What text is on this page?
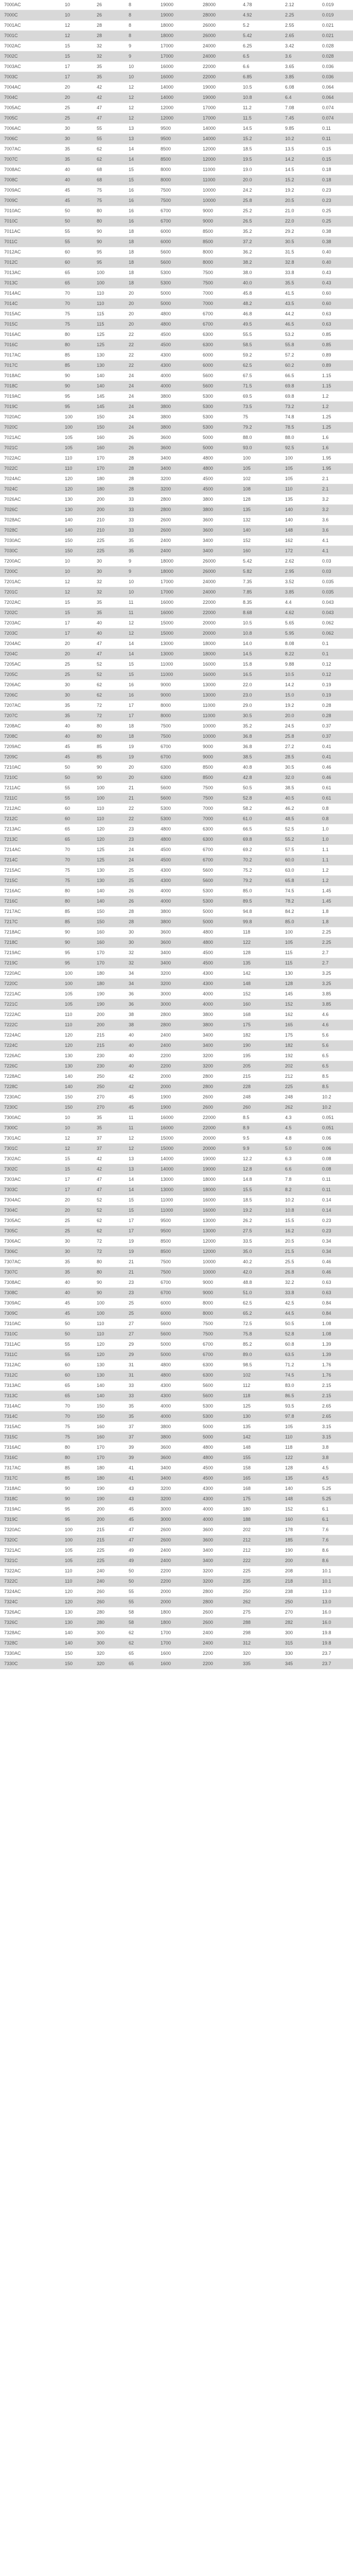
7000AC	10	26	8	19000	28000	4.78	2.12	0.019
7000C	10	26	8	19000	28000	4.92	2.25	0.019
7001AC	12	28	8	18000	26000	5.2	2.55	0.021
7001C	12	28	8	18000	26000	5.42	2.65	0.021
7002AC	15	32	9	17000	24000	6.25	3.42	0.028
7002C	15	32	9	17000	24000	6.5	3.6	0.028
7003AC	17	35	10	16000	22000	6.6	3.65	0.036
7003C	17	35	10	16000	22000	6.85	3.85	0.036
7004AC	20	42	12	14000	19000	10.5	6.08	0.064
7004C	20	42	12	14000	19000	10.8	6.4	0.064
7005AC	25	47	12	12000	17000	11.2	7.08	0.074
7005C	25	47	12	12000	17000	11.5	7.45	0.074
7006AC	30	55	13	9500	14000	14.5	9.85	0.11
7006C	30	55	13	9500	14000	15.2	10.2	0.11
7007AC	35	62	14	8500	12000	18.5	13.5	0.15
7007C	35	62	14	8500	12000	19.5	14.2	0.15
7008AC	40	68	15	8000	11000	19.0	14.5	0.18
7008C	40	68	15	8000	11000	20.0	15.2	0.18
7009AC	45	75	16	7500	10000	24.2	19.2	0.23
7009C	45	75	16	7500	10000	25.8	20.5	0.23
7010AC	50	80	16	6700	9000	25.2	21.0	0.25
7010C	50	80	16	6700	9000	26.5	22.0	0.25
7011AC	55	90	18	6000	8500	35.2	29.2	0.38
7011C	55	90	18	6000	8500	37.2	30.5	0.38
7012AC	60	95	18	5600	8000	36.2	31.5	0.40
7012C	60	95	18	5600	8000	38.2	32.8	0.40
7013AC	65	100	18	5300	7500	38.0	33.8	0.43
7013C	65	100	18	5300	7500	40.0	35.5	0.43
7014AC	70	110	20	5000	7000	45.8	41.5	0.60
7014C	70	110	20	5000	7000	48.2	43.5	0.60
7015AC	75	115	20	4800	6700	46.8	44.2	0.63
7015C	75	115	20	4800	6700	49.5	46.5	0.63
7016AC	80	125	22	4500	6300	55.5	53.2	0.85
7016C	80	125	22	4500	6300	58.5	55.8	0.85
7017AC	85	130	22	4300	6000	59.2	57.2	0.89
7017C	85	130	22	4300	6000	62.5	60.2	0.89
7018AC	90	140	24	4000	5600	67.5	66.5	1.15
7018C	90	140	24	4000	5600	71.5	69.8	1.15
7019AC	95	145	24	3800	5300	69.5	69.8	1.2
7019C	95	145	24	3800	5300	73.5	73.2	1.2
7020AC	100	150	24	3800	5300	75	74.8	1.25
7020C	100	150	24	3800	5300	79.2	78.5	1.25
7021AC	105	160	26	3600	5000	88.0	88.0	1.6
7021C	105	160	26	3600	5000	93.0	92.5	1.6
7022AC	110	170	28	3400	4800	100	100	1.95
7022C	110	170	28	3400	4800	105	105	1.95
7024AC	120	180	28	3200	4500	102	105	2.1
7024C	120	180	28	3200	4500	108	110	2.1
7026AC	130	200	33	2800	3800	128	135	3.2
7026C	130	200	33	2800	3800	135	140	3.2
7028AC	140	210	33	2600	3600	132	140	3.6
7028C	140	210	33	2600	3600	140	148	3.6
7030AC	150	225	35	2400	3400	152	162	4.1
7030C	150	225	35	2400	3400	160	172	4.1
7200AC	10	30	9	18000	26000	5.42	2.62	0.03
7200C	10	30	9	18000	26000	5.82	2.95	0.03
7201AC	12	32	10	17000	24000	7.35	3.52	0.035
7201C	12	32	10	17000	24000	7.85	3.85	0.035
7202AC	15	35	11	16000	22000	8.35	4.4	0.043
7202C	15	35	11	16000	22000	8.68	4.62	0.043
7203AC	17	40	12	15000	20000	10.5	5.65	0.062
7203C	17	40	12	15000	20000	10.8	5.95	0.062
7204AC	20	47	14	13000	18000	14.0	8.08	0.1
7204C	20	47	14	13000	18000	14.5	8.22	0.1
7205AC	25	52	15	11000	16000	15.8	9.88	0.12
7205C	25	52	15	11000	16000	16.5	10.5	0.12
7206AC	30	62	16	9000	13000	22.0	14.2	0.19
7206C	30	62	16	9000	13000	23.0	15.0	0.19
7207AC	35	72	17	8000	11000	29.0	19.2	0.28
7207C	35	72	17	8000	11000	30.5	20.0	0.28
7208AC	40	80	18	7500	10000	35.2	24.5	0.37
7208C	40	80	18	7500	10000	36.8	25.8	0.37
7209AC	45	85	19	6700	9000	36.8	27.2	0.41
7209C	45	85	19	6700	9000	38.5	28.5	0.41
7210AC	50	90	20	6300	8500	40.8	30.5	0.46
7210C	50	90	20	6300	8500	42.8	32.0	0.46
7211AC	55	100	21	5600	7500	50.5	38.5	0.61
7211C	55	100	21	5600	7500	52.8	40.5	0.61
7212AC	60	110	22	5300	7000	58.2	46.2	0.8
7212C	60	110	22	5300	7000	61.0	48.5	0.8
7213AC	65	120	23	4800	6300	66.5	52.5	1.0
7213C	65	120	23	4800	6300	69.8	55.2	1.0
7214AC	70	125	24	4500	6700	69.2	57.5	1.1
7214C	70	125	24	4500	6700	70.2	60.0	1.1
7215AC	75	130	25	4300	5600	75.2	63.0	1.2
7215C	75	130	25	4300	5600	79.2	65.8	1.2
7216AC	80	140	26	4000	5300	85.0	74.5	1.45
7216C	80	140	26	4000	5300	89.5	78.2	1.45
7217AC	85	150	28	3800	5000	94.8	84.2	1.8
7217C	85	150	28	3800	5000	99.8	85.0	1.8
7218AC	90	160	30	3600	4800	118	100	2.25
7218C	90	160	30	3600	4800	122	105	2.25
7219AC	95	170	32	3400	4500	128	115	2.7
7219C	95	170	32	3400	4500	135	115	2.7
7220AC	100	180	34	3200	4300	142	130	3.25
7220C	100	180	34	3200	4300	148	128	3.25
7221AC	105	190	36	3000	4000	152	145	3.85
7221C	105	190	36	3000	4000	160	152	3.85
7222AC	110	200	38	2800	3800	168	162	4.6
7222C	110	200	38	2800	3800	175	165	4.6
7224AC	120	215	40	2400	3400	182	175	5.6
7224C	120	215	40	2400	3400	190	182	5.6
7226AC	130	230	40	2200	3200	195	192	6.5
7226C	130	230	40	2200	3200	205	202	6.5
7228AC	140	250	42	2000	2800	215	212	8.5
7228C	140	250	42	2000	2800	228	225	8.5
7230AC	150	270	45	1900	2600	248	248	10.2
7230C	150	270	45	1900	2600	260	262	10.2
7300AC	10	35	11	16000	22000	8.5	4.3	0.051
7300C	10	35	11	16000	22000	8.9	4.5	0.051
7301AC	12	37	12	15000	20000	9.5	4.8	0.06
7301C	12	37	12	15000	20000	9.9	5.0	0.06
7302AC	15	42	13	14000	19000	12.2	6.3	0.08
7302C	15	42	13	14000	19000	12.8	6.6	0.08
7303AC	17	47	14	13000	18000	14.8	7.8	0.11
7303C	17	47	14	13000	18000	15.5	8.2	0.11
7304AC	20	52	15	11000	16000	18.5	10.2	0.14
7304C	20	52	15	11000	16000	19.2	10.8	0.14
7305AC	25	62	17	9500	13000	26.2	15.5	0.23
7305C	25	62	17	9500	13000	27.5	16.2	0.23
7306AC	30	72	19	8500	12000	33.5	20.5	0.34
7306C	30	72	19	8500	12000	35.0	21.5	0.34
7307AC	35	80	21	7500	10000	40.2	25.5	0.46
7307C	35	80	21	7500	10000	42.0	26.8	0.46
7308AC	40	90	23	6700	9000	48.8	32.2	0.63
7308C	40	90	23	6700	9000	51.0	33.8	0.63
7309AC	45	100	25	6000	8000	62.5	42.5	0.84
7309C	45	100	25	6000	8000	65.2	44.5	0.84
7310AC	50	110	27	5600	7500	72.5	50.5	1.08
7310C	50	110	27	5600	7500	75.8	52.8	1.08
7311AC	55	120	29	5000	6700	85.2	60.8	1.39
7311C	55	120	29	5000	6700	89.0	63.5	1.39
7312AC	60	130	31	4800	6300	98.5	71.2	1.76
7312C	60	130	31	4800	6300	102	74.5	1.76
7313AC	65	140	33	4300	5600	112	83.0	2.15
7313C	65	140	33	4300	5600	118	86.5	2.15
7314AC	70	150	35	4000	5300	125	93.5	2.65
7314C	70	150	35	4000	5300	130	97.8	2.65
7315AC	75	160	37	3800	5000	135	105	3.15
7315C	75	160	37	3800	5000	142	110	3.15
7316AC	80	170	39	3600	4800	148	118	3.8
7316C	80	170	39	3600	4800	155	122	3.8
7317AC	85	180	41	3400	4500	158	128	4.5
7317C	85	180	41	3400	4500	165	135	4.5
7318AC	90	190	43	3200	4300	168	140	5.25
7318C	90	190	43	3200	4300	175	148	5.25
7319AC	95	200	45	3000	4000	180	152	6.1
7319C	95	200	45	3000	4000	188	160	6.1
7320AC	100	215	47	2600	3600	202	178	7.6
7320C	100	215	47	2600	3600	212	185	7.6
7321AC	105	225	49	2400	3400	212	190	8.6
7321C	105	225	49	2400	3400	222	200	8.6
7322AC	110	240	50	2200	3200	225	208	10.1
7322C	110	240	50	2200	3200	235	218	10.1
7324AC	120	260	55	2000	2800	250	238	13.0
7324C	120	260	55	2000	2800	262	250	13.0
7326AC	130	280	58	1800	2600	275	270	16.0
7326C	130	280	58	1800	2600	288	282	16.0
7328AC	140	300	62	1700	2400	298	300	19.8
7328C	140	300	62	1700	2400	312	315	19.8
7330AC	150	320	65	1600	2200	320	330	23.7
7330C	150	320	65	1600	2200	335	345	23.7
